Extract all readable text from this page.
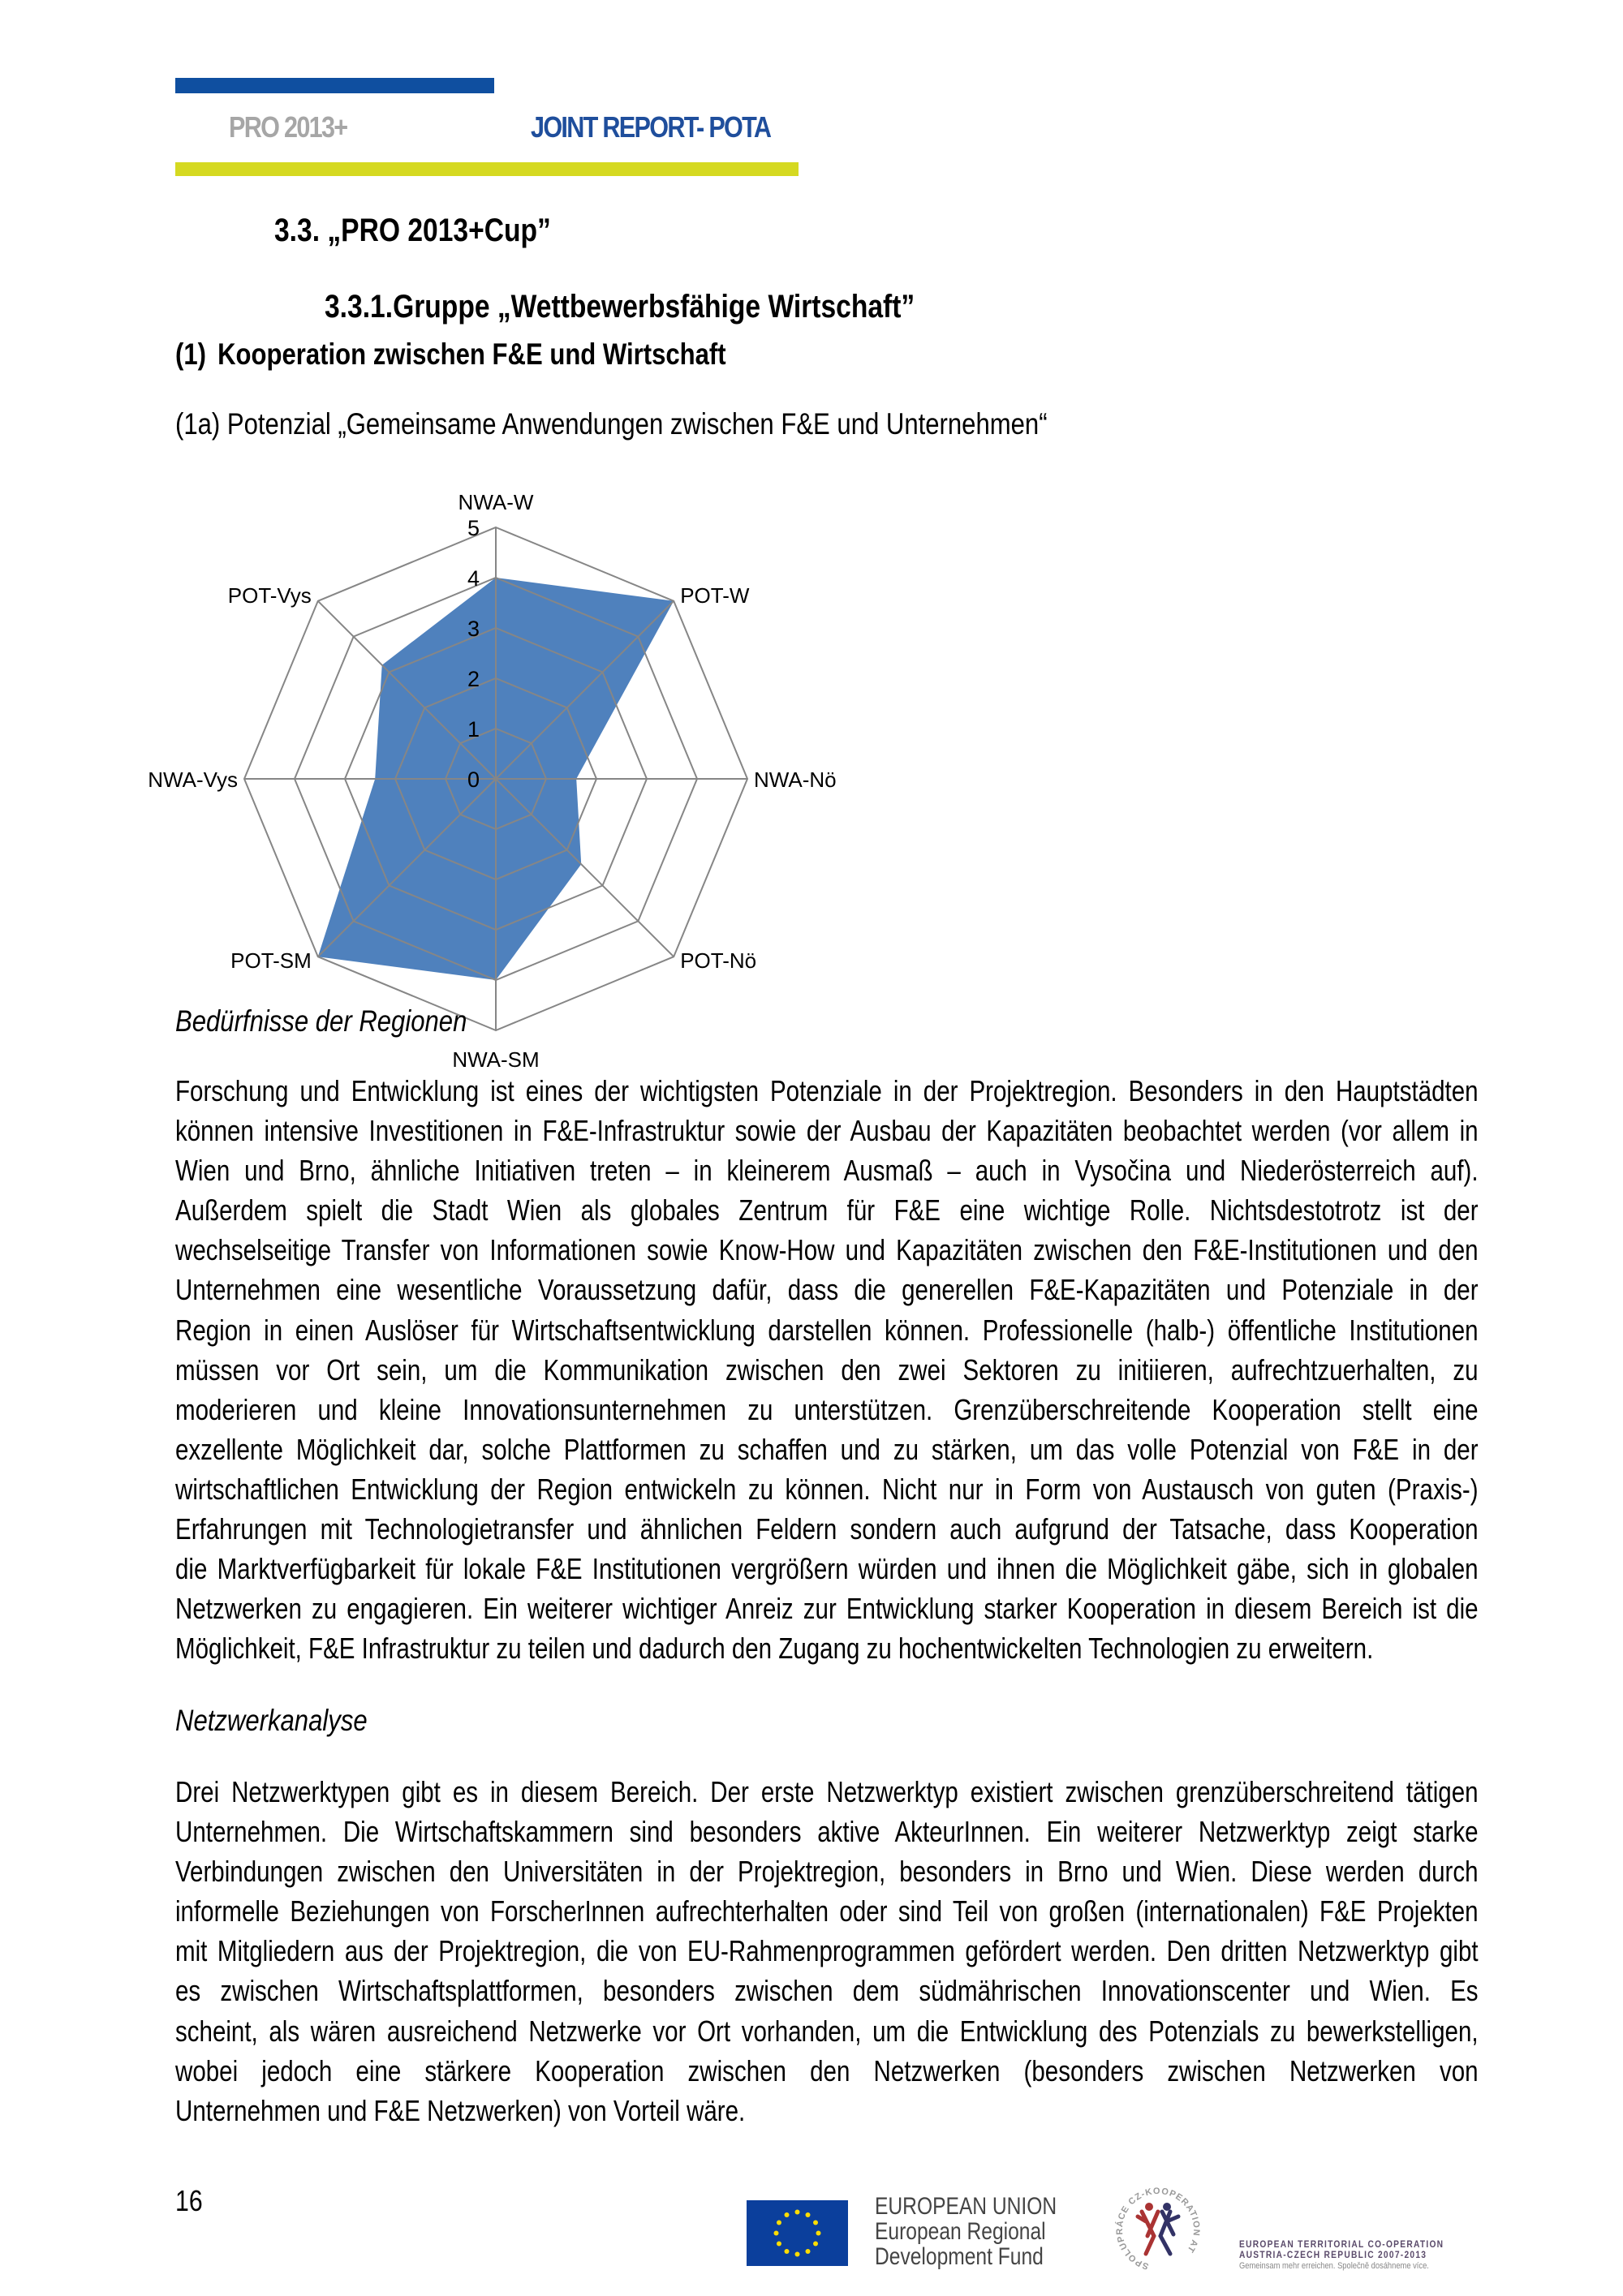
PRO 2013+	JOINT REPORT- POTA
3.3. „PRO 2013+Cup”
3.3.1.Gruppe „Wettbewerbsfähige Wirtschaft”
(1) Kooperation zwischen F&E und Wirtschaft
(1a) Potenzial „Gemeinsame Anwendungen zwischen F&E und Unternehmen“
0
1
2
3
4
5
NWA-W
POT-W
NWA-Nö
POT-Nö
NWA-SM
POT-SM
NWA-Vys
POT-Vys
Bedürfnisse der Regionen
Forschung und Entwicklung ist eines der wichtigsten Potenziale in der Projektregion. Besonders in den Hauptstädten
können intensive Investitionen in F&E-Infrastruktur sowie der Ausbau der Kapazitäten beobachtet werden (vor allem in
Wien und Brno, ähnliche Initiativen treten – in kleinerem Ausmaß – auch in Vysočina und Niederösterreich auf).
Außerdem spielt die Stadt Wien als globales Zentrum für F&E eine wichtige Rolle. Nichtsdestotrotz ist der
wechselseitige Transfer von Informationen sowie Know-How und Kapazitäten zwischen den F&E-Institutionen und den
Unternehmen eine wesentliche Voraussetzung dafür, dass die generellen F&E-Kapazitäten und Potenziale in der
Region in einen Auslöser für Wirtschaftsentwicklung darstellen können. Professionelle (halb-) öffentliche Institutionen
müssen vor Ort sein, um die Kommunikation zwischen den zwei Sektoren zu initiieren, aufrechtzuerhalten, zu
moderieren und kleine Innovationsunternehmen zu unterstützen. Grenzüberschreitende Kooperation stellt eine
exzellente Möglichkeit dar, solche Plattformen zu schaffen und zu stärken, um das volle Potenzial von F&E in der
wirtschaftlichen Entwicklung der Region entwickeln zu können. Nicht nur in Form von Austausch von guten (Praxis-)
Erfahrungen mit Technologietransfer und ähnlichen Feldern sondern auch aufgrund der Tatsache, dass Kooperation
die Marktverfügbarkeit für lokale F&E Institutionen vergrößern würden und ihnen die Möglichkeit gäbe, sich in globalen
Netzwerken zu engagieren. Ein weiterer wichtiger Anreiz zur Entwicklung starker Kooperation in diesem Bereich ist die
Möglichkeit, F&E Infrastruktur zu teilen und dadurch den Zugang zu hochentwickelten Technologien zu erweitern.
Netzwerkanalyse
Drei Netzwerktypen gibt es in diesem Bereich. Der erste Netzwerktyp existiert zwischen grenzüberschreitend tätigen
Unternehmen. Die Wirtschaftskammern sind besonders aktive AkteurInnen. Ein weiterer Netzwerktyp zeigt starke
Verbindungen zwischen den Universitäten in der Projektregion, besonders in Brno und Wien. Diese werden durch
informelle Beziehungen von ForscherInnen aufrechterhalten oder sind Teil von großen (internationalen) F&E Projekten
mit Mitgliedern aus der Projektregion, die von EU-Rahmenprogrammen gefördert werden. Den dritten Netzwerktyp gibt
es zwischen Wirtschaftsplattformen, besonders zwischen dem südmährischen Innovationscenter und Wien. Es
scheint, als wären ausreichend Netzwerke vor Ort vorhanden, um die Entwicklung des Potenzials zu bewerkstelligen,
wobei jedoch eine stärkere Kooperation zwischen den Netzwerken (besonders zwischen Netzwerken von
Unternehmen und F&E Netzwerken) von Vorteil wäre.
16	EUROPEAN UNION
European Regional
Development Fund	SPOLUPRÁCE CZ-KOOPERATION AT	EUROPEAN TERRITORIAL CO-OPERATION
AUSTRIA-CZECH REPUBLIC 2007-2013
Gemeinsam mehr erreichen. Společně dosáhneme více.
